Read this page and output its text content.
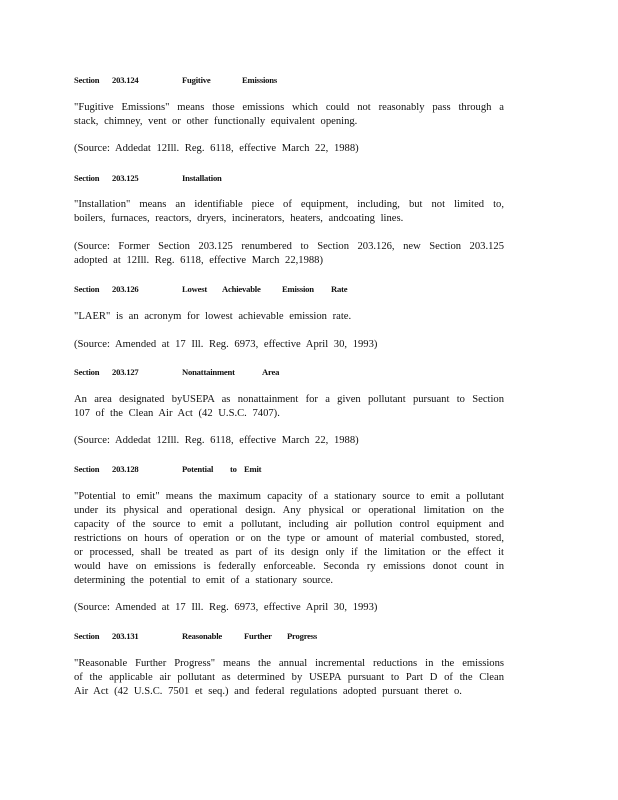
Section 203.124	Fugitive	Emissions
"Fugitive Emissions" means those emissions which could not reasonably pass through a
stack, chimney, vent or other functionally equivalent opening.
(Source: Addedat 12Ill. Reg. 6118, effective March 22, 1988)
Section 203.125	Installation
"Installation" means an identifiable piece of equipment, including, but not limited to,
boilers, furnaces, reactors, dryers, incinerators, heaters, andcoating lines.
(Source: Former Section 203.125 renumbered to Section 203.126, new Section 203.125
adopted at 12Ill. Reg. 6118, effective March 22,1988)
Section 203.126	Lowest Achievable Emission Rate
"LAER" is an acronym for lowest achievable emission rate.
(Source: Amended at 17 Ill. Reg. 6973, effective April 30, 1993)
Section 203.127	Nonattainment	Area
An area designated byUSEPA as nonattainment for a given pollutant pursuant to Section
107 of the Clean Air Act (42 U.S.C. 7407).
(Source: Addedat 12Ill. Reg. 6118, effective March 22, 1988)
Section 203.128	Potential to Emit
"Potential to emit" means the maximum capacity of a stationary source to emit a pollutant
under its physical and operational design. Any physical or operational limitation on the
capacity of the source to emit a pollutant, including air pollution control equipment and
restrictions on hours of operation or on the type or amount of material combusted, stored,
or processed, shall be treated as part of its design only if the limitation or the effect it
would have on emissions is federally enforceable. Seconda ry emissions donot count in
determining the potential to emit of a stationary source.
(Source: Amended at 17 Ill. Reg. 6973, effective April 30, 1993)
Section 203.131	Reasonable	Further Progress
"Reasonable Further Progress" means the annual incremental reductions in the emissions
of the applicable air pollutant as determined by USEPA pursuant to Part D of the Clean
Air Act (42 U.S.C. 7501 et seq.) and federal regulations adopted pursuant theret o.
